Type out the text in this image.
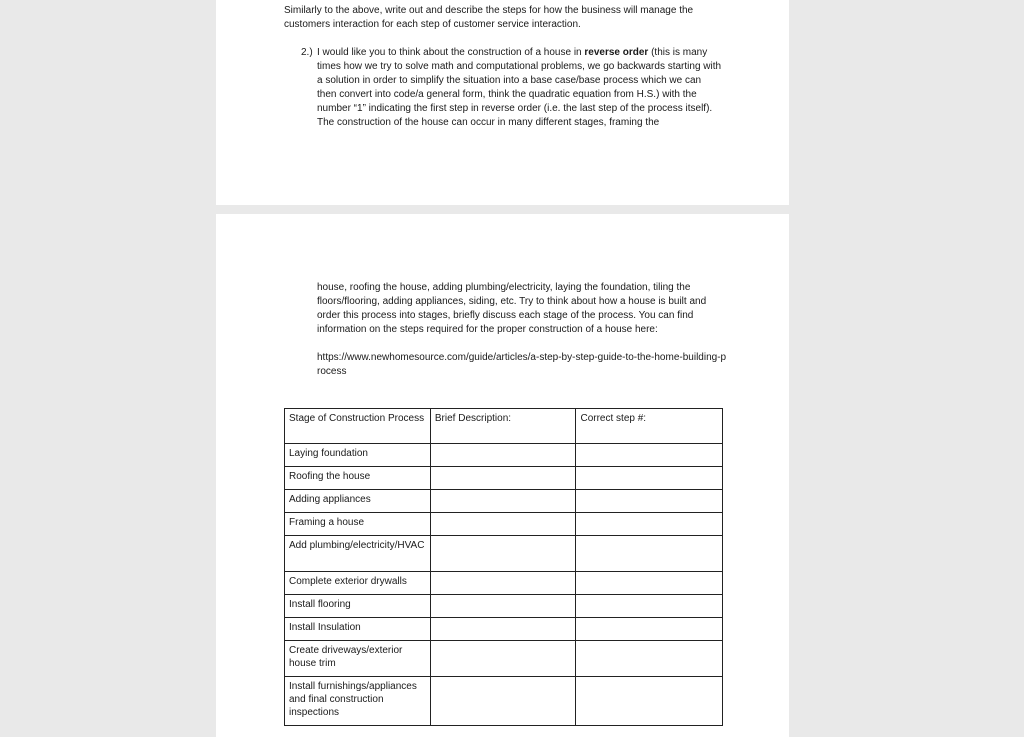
Similarly to the above, write out and describe the steps for how the business will manage the customers interaction for each step of customer service interaction.

2.) I would like you to think about the construction of a house in reverse order (this is many times how we try to solve math and computational problems, we go backwards starting with a solution in order to simplify the situation into a base case/base process which we can then convert into code/a general form, think the quadratic equation from H.S.) with the number “1” indicating the first step in reverse order (i.e. the last step of the process itself). The construction of the house can occur in many different stages, framing the

house, roofing the house, adding plumbing/electricity, laying the foundation, tiling the floors/flooring, adding appliances, siding, etc. Try to think about how a house is built and order this process into stages, briefly discuss each stage of the process. You can find information on the steps required for the proper construction of a house here:

https://www.newhomesource.com/guide/articles/a-step-by-step-guide-to-the-home-building-process

Stage of Construction Process	Brief Description:	Correct step #:
Laying foundation		
Roofing the house		
Adding appliances		
Framing a house		
Add plumbing/electricity/HVAC		
Complete exterior drywalls		
Install flooring		
Install Insulation		
Create driveways/exterior house trim		
Install furnishings/appliances and final construction inspections		
